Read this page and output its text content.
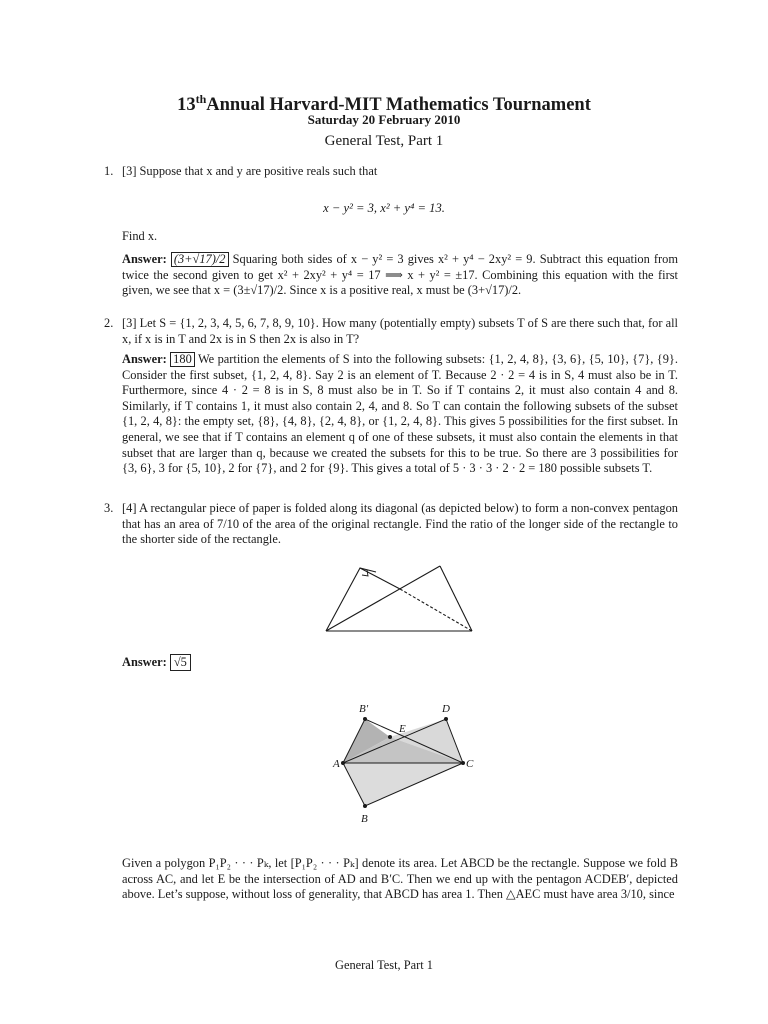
13thAnnual Harvard-MIT Mathematics Tournament
Saturday 20 February 2010
General Test, Part 1
1. [3] Suppose that x and y are positive reals such that
x − y² = 3, x² + y⁴ = 13.
Find x.
Answer: (3+√17)/2 Squaring both sides of x − y² = 3 gives x² + y⁴ − 2xy² = 9. Subtract this equation from twice the second given to get x² + 2xy² + y⁴ = 17 ⟹ x + y² = ±17. Combining this equation with the first given, we see that x = (3±√17)/2. Since x is a positive real, x must be (3+√17)/2.
2. [3] Let S = {1, 2, 3, 4, 5, 6, 7, 8, 9, 10}. How many (potentially empty) subsets T of S are there such that, for all x, if x is in T and 2x is in S then 2x is also in T?
Answer: 180 We partition the elements of S into the following subsets: {1, 2, 4, 8}, {3, 6}, {5, 10}, {7}, {9}. Consider the first subset, {1, 2, 4, 8}. Say 2 is an element of T. Because 2 · 2 = 4 is in S, 4 must also be in T. Furthermore, since 4 · 2 = 8 is in S, 8 must also be in T. So if T contains 2, it must also contain 4 and 8. Similarly, if T contains 1, it must also contain 2, 4, and 8. So T can contain the following subsets of the subset {1, 2, 4, 8}: the empty set, {8}, {4, 8}, {2, 4, 8}, or {1, 2, 4, 8}. This gives 5 possibilities for the first subset. In general, we see that if T contains an element q of one of these subsets, it must also contain the elements in that subset that are larger than q, because we created the subsets for this to be true. So there are 3 possibilities for {3, 6}, 3 for {5, 10}, 2 for {7}, and 2 for {9}. This gives a total of 5 · 3 · 3 · 2 · 2 = 180 possible subsets T.
3. [4] A rectangular piece of paper is folded along its diagonal (as depicted below) to form a non-convex pentagon that has an area of 7/10 of the area of the original rectangle. Find the ratio of the longer side of the rectangle to the shorter side of the rectangle.
Answer: √5
B′	D
E
A	C
B
Given a polygon P₁P₂ · · · Pₖ, let [P₁P₂ · · · Pₖ] denote its area. Let ABCD be the rectangle. Suppose we fold B across AC, and let E be the intersection of AD and B′C. Then we end up with the pentagon ACDEB′, depicted above. Let’s suppose, without loss of generality, that ABCD has area 1. Then △AEC must have area 3/10, since
General Test, Part 1
